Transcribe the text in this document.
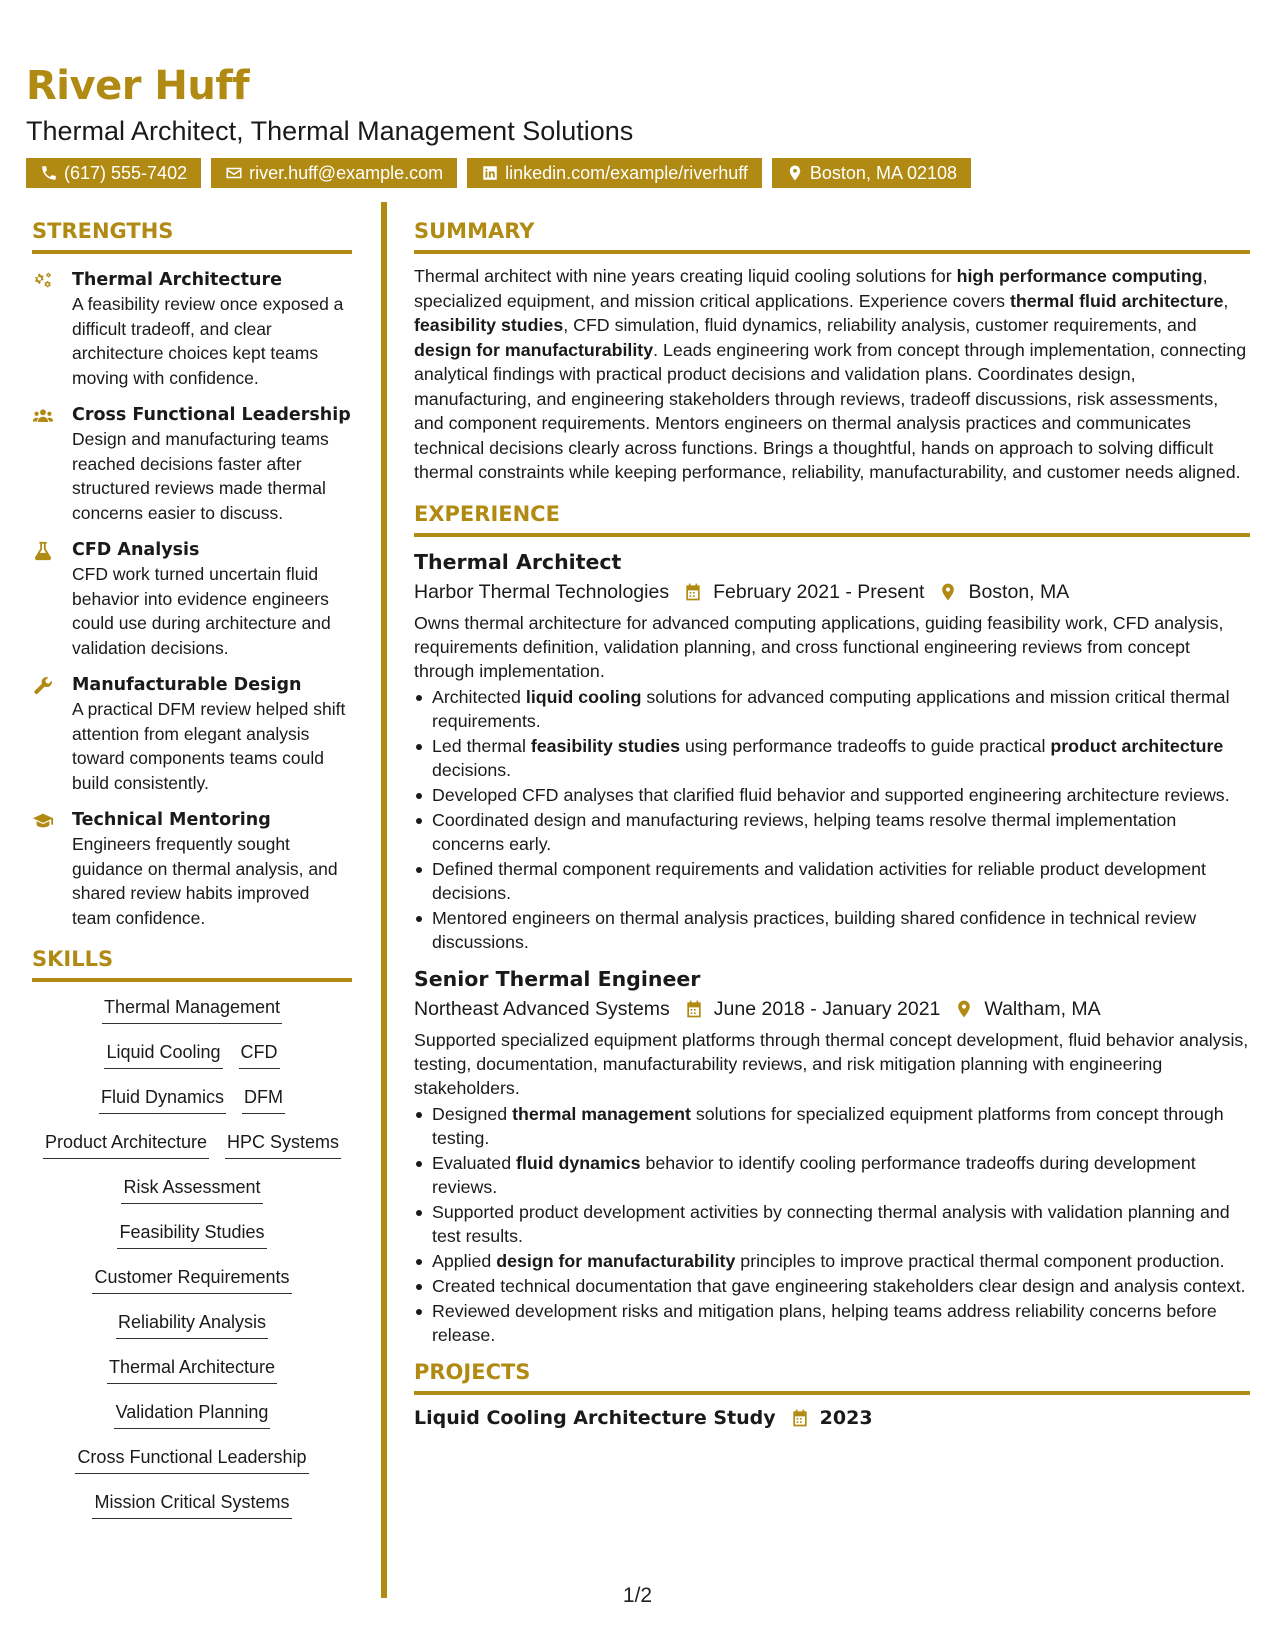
River Huff
Thermal Architect, Thermal Management Solutions
(617) 555-7402	river.huff@example.com	linkedin.com/example/riverhuff	Boston, MA 02108
STRENGTHS
Thermal Architecture
A feasibility review once exposed a difficult tradeoff, and clear architecture choices kept teams moving with confidence.
Cross Functional Leadership
Design and manufacturing teams reached decisions faster after structured reviews made thermal concerns easier to discuss.
CFD Analysis
CFD work turned uncertain fluid behavior into evidence engineers could use during architecture and validation decisions.
Manufacturable Design
A practical DFM review helped shift attention from elegant analysis toward components teams could build consistently.
Technical Mentoring
Engineers frequently sought guidance on thermal analysis, and shared review habits improved team confidence.
SKILLS
Thermal Management
Liquid Cooling CFD
Fluid Dynamics DFM
Product Architecture HPC Systems
Risk Assessment
Feasibility Studies
Customer Requirements
Reliability Analysis
Thermal Architecture
Validation Planning
Cross Functional Leadership
Mission Critical Systems
SUMMARY
Thermal architect with nine years creating liquid cooling solutions for high performance computing, specialized equipment, and mission critical applications. Experience covers thermal fluid architecture, feasibility studies, CFD simulation, fluid dynamics, reliability analysis, customer requirements, and design for manufacturability. Leads engineering work from concept through implementation, connecting analytical findings with practical product decisions and validation plans. Coordinates design, manufacturing, and engineering stakeholders through reviews, tradeoff discussions, risk assessments, and component requirements. Mentors engineers on thermal analysis practices and communicates technical decisions clearly across functions. Brings a thoughtful, hands on approach to solving difficult thermal constraints while keeping performance, reliability, manufacturability, and customer needs aligned.
EXPERIENCE
Thermal Architect
Harbor Thermal Technologies February 2021 - Present Boston, MA
Owns thermal architecture for advanced computing applications, guiding feasibility work, CFD analysis, requirements definition, validation planning, and cross functional engineering reviews from concept through implementation.
Architected liquid cooling solutions for advanced computing applications and mission critical thermal requirements.
Led thermal feasibility studies using performance tradeoffs to guide practical product architecture decisions.
Developed CFD analyses that clarified fluid behavior and supported engineering architecture reviews.
Coordinated design and manufacturing reviews, helping teams resolve thermal implementation concerns early.
Defined thermal component requirements and validation activities for reliable product development decisions.
Mentored engineers on thermal analysis practices, building shared confidence in technical review discussions.
Senior Thermal Engineer
Northeast Advanced Systems June 2018 - January 2021 Waltham, MA
Supported specialized equipment platforms through thermal concept development, fluid behavior analysis, testing, documentation, manufacturability reviews, and risk mitigation planning with engineering stakeholders.
Designed thermal management solutions for specialized equipment platforms from concept through testing.
Evaluated fluid dynamics behavior to identify cooling performance tradeoffs during development reviews.
Supported product development activities by connecting thermal analysis with validation planning and test results.
Applied design for manufacturability principles to improve practical thermal component production.
Created technical documentation that gave engineering stakeholders clear design and analysis context.
Reviewed development risks and mitigation plans, helping teams address reliability concerns before release.
PROJECTS
Liquid Cooling Architecture Study 2023
1/2
